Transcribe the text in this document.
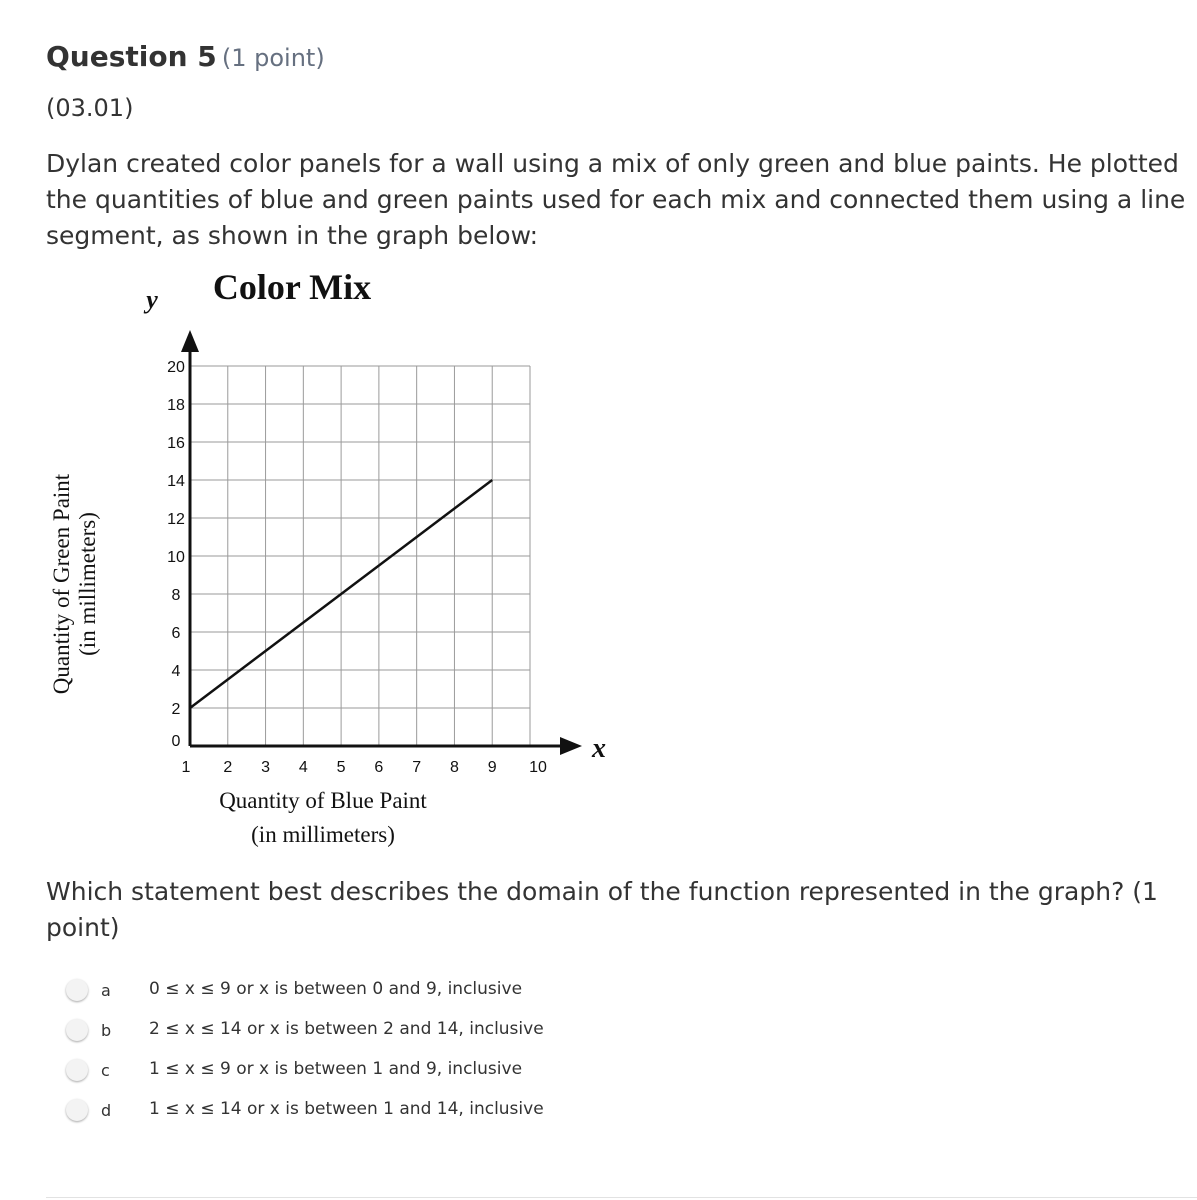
Question 5 (1 point)
(03.01)
Dylan created color panels for a wall using a mix of only green and blue paints. He plotted the quantities of blue and green paints used for each mix and connected them using a line segment, as shown in the graph below:
Color Mix
y
x
1 2 3 4 5 6 7 8 9 10
0
2
4
6
8
10
12
14
16
18
20
Quantity of Blue Paint
(in millimeters)
Quantity of Green Paint (in millimeters)
Which statement best describes the domain of the function represented in the graph? (1 point)
a 0 ≤ x ≤ 9 or x is between 0 and 9, inclusive
b 2 ≤ x ≤ 14 or x is between 2 and 14, inclusive
c 1 ≤ x ≤ 9 or x is between 1 and 9, inclusive
d 1 ≤ x ≤ 14 or x is between 1 and 14, inclusive
